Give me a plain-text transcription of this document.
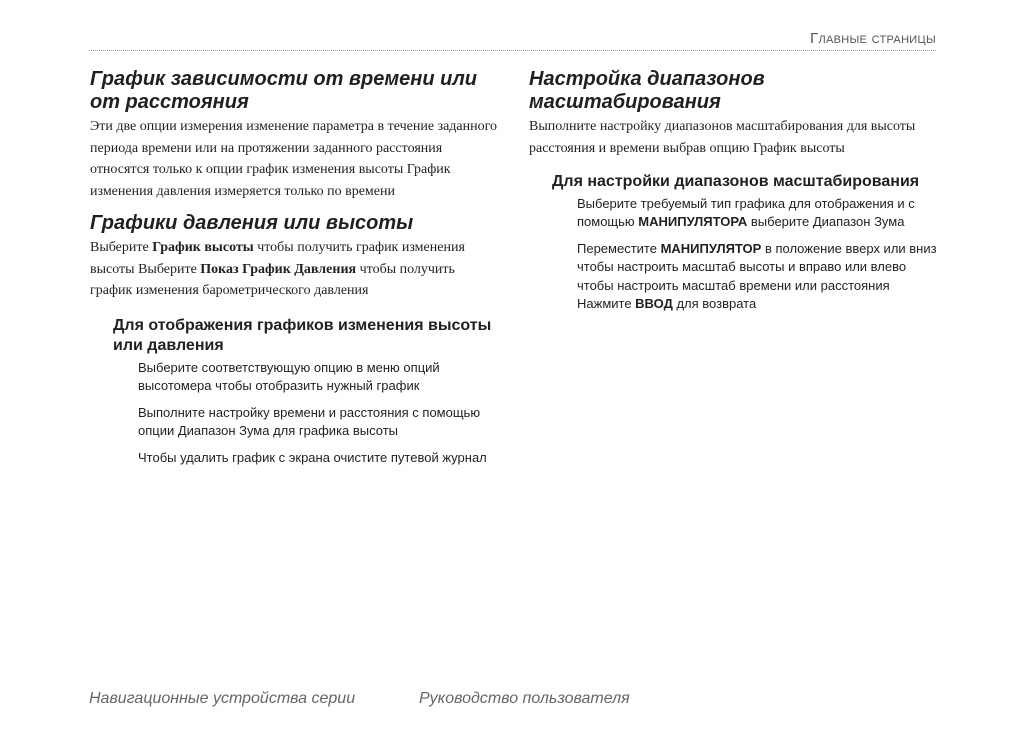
Главные страницы
График зависимости от времени или от расстояния

Эти две опции измерения изменение параметра в течение заданного периода времени или на протяжении заданного расстояния относятся только к опции график изменения высоты График изменения давления измеряется только по времени

Графики давления или высоты

Выберите График высоты чтобы получить график изменения высоты Выберите Показ График Давления чтобы получить график изменения барометрического давления

Для отображения графиков изменения высоты или давления
Выберите соответствующую опцию в меню опций высотомера чтобы отобразить нужный график
Выполните настройку времени и расстояния с помощью опции Диапазон Зума для графика высоты
Чтобы удалить график с экрана очистите путевой журнал
Настройка диапазонов масштабирования

Выполните настройку диапазонов масштабирования для высоты расстояния и времени выбрав опцию График высоты

Для настройки диапазонов масштабирования
Выберите требуемый тип графика для отображения и с помощью МАНИПУЛЯТОРА выберите Диапазон Зума
Переместите МАНИПУЛЯТОР в положение вверх или вниз чтобы настроить масштаб высоты и вправо или влево чтобы настроить масштаб времени или расстояния Нажмите ВВОД для возврата
Навигационные устройства серии	Руководство пользователя
